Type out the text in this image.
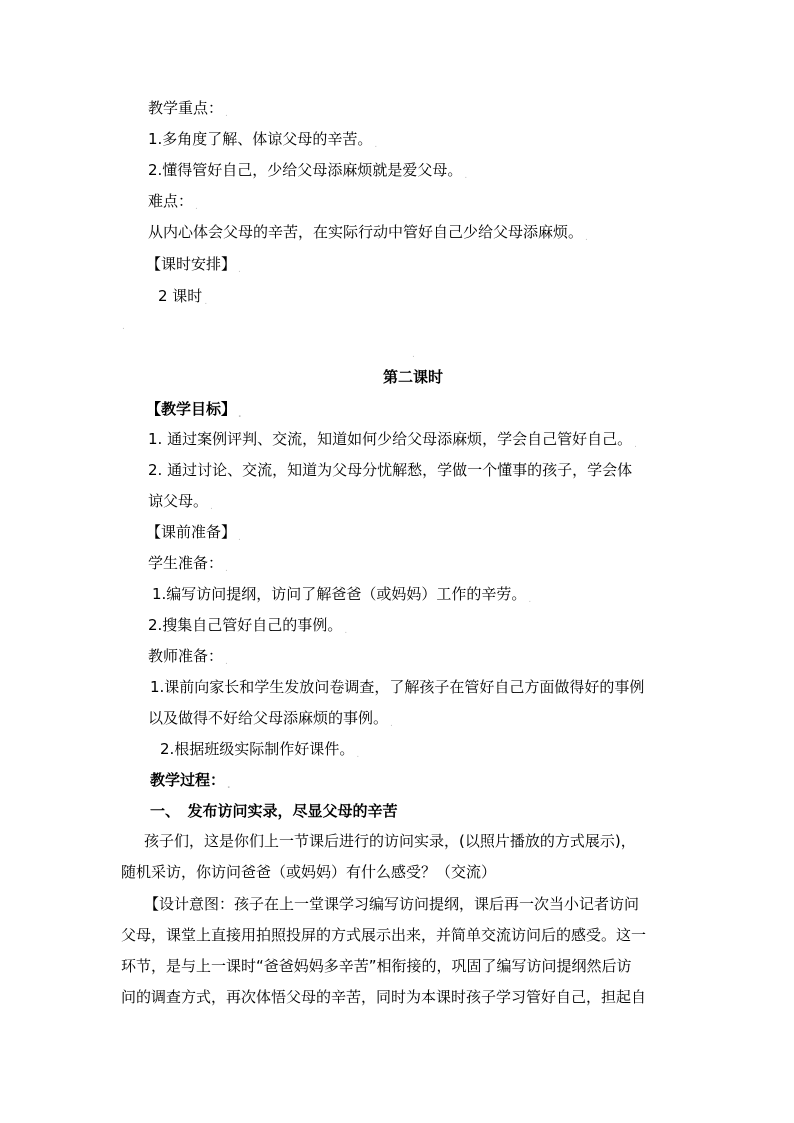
教学重点： $_.$
1.多角度了解、体谅父母的辛苦。 $_.$
2.懂得管好自己，少给父母添麻烦就是爱父母。 $_.$
难点： $_.$
从内心体会父母的辛苦，在实际行动中管好自己少给父母添麻烦。 $_.$
【课时安排】 $_.$
2 课时 $_.$
.
.
第二课时
【教学目标】 $_.$
1. 通过案例评判、交流，知道如何少给父母添麻烦，学会自己管好自己。 $_.$
2. 通过讨论、交流，知道为父母分忧解愁，学做一个懂事的孩子，学会体
谅父母。 $_.$
【课前准备】 $_.$
学生准备： $_.$
1.编写访问提纲，访问了解爸爸（或妈妈）工作的辛劳。 $_.$
2.搜集自己管好自己的事例。 $_.$
教师准备： $_.$
1.课前向家长和学生发放问卷调查，了解孩子在管好自己方面做得好的事例
以及做得不好给父母添麻烦的事例。 $_.$
2.根据班级实际制作好课件。 $_.$
教学过程： $_.$
一、　发布访问实录，尽显父母的辛苦
孩子们，这是你们上一节课后进行的访问实录，(以照片播放的方式展示)，
随机采访，你访问爸爸（或妈妈）有什么感受？（交流）
【设计意图：孩子在上一堂课学习编写访问提纲，课后再一次当小记者访问
父母，课堂上直接用拍照投屏的方式展示出来，并简单交流访问后的感受。这一
环节，是与上一课时“爸爸妈妈多辛苦”相衔接的，巩固了编写访问提纲然后访
问的调查方式，再次体悟父母的辛苦，同时为本课时孩子学习管好自己，担起自
